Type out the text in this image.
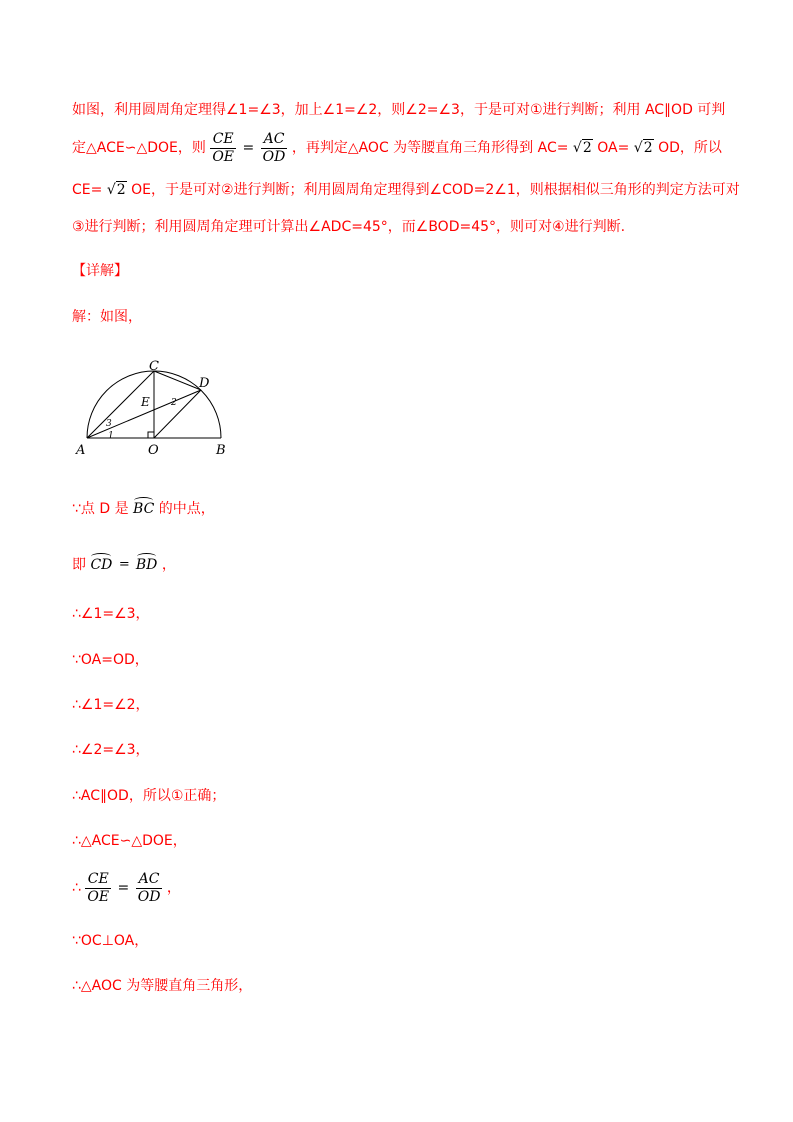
如图，利用圆周角定理得∠1=∠3，加上∠1=∠2，则∠2=∠3，于是可对①进行判断；利用 AC∥OD 可判
定△ACE∽△DOE，则 $\frac{CE}{OE} = \frac{AC}{OD}$ ，再判定△AOC 为等腰直角三角形得到 AC= √2 OA= √2 OD，所以
CE= √2 OE，于是可对②进行判断；利用圆周角定理得到∠COD=2∠1，则根据相似三角形的判定方法可对
③进行判断；利用圆周角定理可计算出∠ADC=45°，而∠BOD=45°，则可对④进行判断.
【详解】
解：如图，
A	B
C
D
E
O
1
2
3
∵点 D 是 BC 的中点，
即 CD = BD ，
∴∠1=∠3，
∵OA=OD，
∴∠1=∠2，
∴∠2=∠3，
∴AC∥OD，所以①正确；
∴△ACE∽△DOE，
∴ $\frac{CE}{OE} = \frac{AC}{OD}$ ，
∵OC⊥OA，
∴△AOC 为等腰直角三角形，
